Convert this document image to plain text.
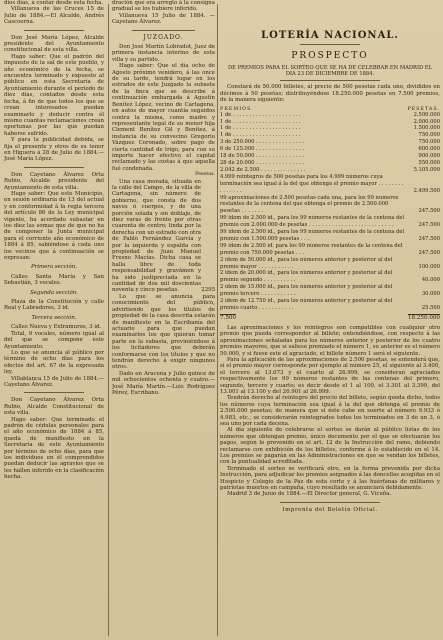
dios días, á contar desde esta fecha.

Villanueva de las Cruces 15 de Julio de 1884.—El Alcalde, Andrés Cascoerna.

Don José María López, Alcalde presidente del Ayuntamiento constitucional de esta villa.

Hago saber: Que el padrón del impuesto de la sal de este pueblo, y año económico de la fecha, se encuentra terminado y expuesto al público en esta Secretaría de Ayuntamiento durante el periodo de diez días, contados desde esta fecha, á fin de que todos los que se crean interesados puedan examinarlo y deducir contra él mismo cuantas reclamaciones crean oportunas por las que puedan haberse sufrido.

Y para la publicidad debida, se fija el presente y otros de su tenor en Higuera á 28 de Julio de 1884.—José María López.

Don Cayetano Álvarez Orta Rubio, Alcalde presidente del Ayuntamiento de esta villa.

Hago saber: Que este Municipio, en sesión ordinaria de 13 del actual y en conformidad á la regla tercera del artículo 86 de la Ley municipal vigente, ha acordado subastar en los diez las somas que de que no ha de componer la Junta municipal para el corriente año económico de 1884 á 85, sabiéndose á cada uno los vecinos que á continuación se expresan:

Primera sección.

Calles Santa María y San Sebastián, 3 vocales.

Segunda sección.

Plaza de la Constitución y calle Real y Labradores, 3 id.

Tercera sección.

Calles Nueva y Extramuros, 3 id.

Total, 9 vocales, número igual al del que se compone este Ayuntamiento.

Lo que se anuncia al público por término de ocho días para los efectos del art. 67 de la expresada ley.

Villablanca 15 de Julio de 1884.—Cayetano Álvarez.

Don Cayetano Álvarez Orta Rubio, Alcalde Constitucional de esta villa.

Hago saber: Que terminado el padrón de cédulas personales para el año económico de 1884 á 85, queda de manifiesto en la Secretaría de este Ayuntamiento por término de ocho días, para que los individuos en él comprendidos puedan deducir las agravios que se les hallen inferido en la clasificación hecha.

dración que era arreglo á la consigna gradual se los hubiere inferido.

Villanueva 15 Julio de 1884. —Cayetano Álvarez.

JUZGADO.

Don José Martín Lobradot, Juez de primera instancia interino de esta villa y su partido.

Hago saber: Que el día ocho de Agosto próximo venidero, á las once de su tarde, tendrá lugar en los estrados de este Juzgado la subasta de la finca que se describe á continuación embargada á Agustín Benítez López, vecino de Cartagena, en autos de mayor cuantía seguidos contra la misma, como madre y representante legal de su menor hija Clement Benítez Gil y Benítez, á instancia de su convecino Gregorio Vázquez Coronado, sobre pago de cierta cantidad de trigo, para con su importe hacer efectivo el capital reclamado y las costas á que aquella fué condenada.

Pesetas.

Una casa morada, situada en la calle del Campo, de la villa de Cartagena, sin número de gobierno, que consta de dos naves ó cuerpos, y de una porción solada y sin doblaje, de diez varas de frente por otras cuarenta de centro; linda por la derecha con un estrado con otra de Pablo Fernández García y por la izquierda y espalda con propiedad de Juan Manuel Fresno Macías. Dicha casa se halla libre de toda responsabilidad y gravámen y ha sido justipreciada en la cantidad de dos mil doscientas noventa y cinco pesetas.	2295

Lo que se anuncia para conocimiento del público, advirtiendo que los títulos de propiedad de la casa descrita estarán de manifiesto en la Escribanía del actuario para que puedan examinarlos los que quieran tomar parte en la subasta, previniéndose á los licitadores que deberán conformarse con los títulos y que no tendrán derecho á exigir ningunos otros.

Dado en Aracena y Julio quince de mil ochocientos ochenta y cuatro.—José María Martín.—Luis Rodríguez Pérez, Escribano.

LOTERÍA NACIONAL.

PROSPECTO

DE PREMIOS PARA EL SORTEO QUE SE HA DE CELEBRAR EN MADRID EL DIA 23 DE DICIEMBRE DE 1884.

Constará de 50.000 billetes, al precio de 500 pesetas cada uno, divididos en décimos á 50 pesetas; distribuyéndose 18.250.000 pesetas en 7.500 premios, de la manera siguiente:

PREMIOS.	PESETAS.
1 de . . . . . . . . . . . . . . . . . . . . .	2.500.000
1 de . . . . . . . . . . . . . . . . . . . . .	2.000.000
1 de . . . . . . . . . . . . . . . . . . . . .	1.500.000
1 de . . . . . . . . . . . . . . . . . . . . .	750.000
3 de 250.000 . . . . . . . . . . . . . . .	750.000
6 de 125.000 . . . . . . . . . . . . . . .	600.000
18 de 50.000 . . . . . . . . . . . . . . .	900.000
28 de 20.000 . . . . . . . . . . . . . . .	550.000
2.042 de 2.500 . . . . . . . . . . . . . .	5.105.000
4.999 reintegros de 500 pesetas para los 4.999 números cuya terminación sea igual á la del que obtenga el premio mayor . . . . . . . . . . . . . . .	2.499.500
99 aproximaciones de 2.500 pesetas cada una, para los 99 números restantes de la centena del que obtenga el premio de 2.500.000 pesetas . . . . . . .	247.500
99 idem de 2.500 id., para los 99 números restantes de la centena del premio con 2.000.000 de pesetas . . . . . . . . . . . . . . . . . . . . . . . . . .	247.500
99 idem de 2.500 id., para los 99 números restantes de la centena del premio con 1.500.000 pesetas . . .	247.500
99 idem de 2.500 id. para los 99 números restantes de la centena del premio con 750.000 pesetas . . .	247.500
2 idem de 50.000 id., para los números anterior y posterior al del premio mayor . . . . . . . . . . .	100.000
2 idem de 20.000 id., para los números anterior y posterior al del premio segundo . . . . . . . . . .	40.000
2 idem de 15.000 id., para los números anterior y posterior al del premio tercero . . . . . . . . . . .	30.000
2 idem de 12.750 id., para los números anterior y posterior al del premio cuarto . . . . . . . . . . .	25.500
7.500	18.250.000

Las aproximaciones y los reintegros son compatibles con cualquier otro premio que pueda corresponder al billete; entendiéndose, con respecto á las aproximaciones señaladas para los números anterior y posterior de los cuatro premios mayores, que si saliese premiado el número 1, su anterior es el número 50.000, y si fuese este el agraciado, el billete número 1 será el siguiente.

Para la aplicación de las aproximaciones de 2.500 pesetas, se entenderá que, si el premio mayor corresponde por ejemplo al número 25, el siguiente al 3.400, el tercero al 13.073 y el cuarto al 26.999, se consideran agraciados respectivamente los 99 números restantes de las centenas del primero, segundo, tercero y cuarto; es decir desde el 1 al 100, el 3.301 al 3.399, del 13.001 al 13.100 y del 26.901 al 26.999.

Tendrán derecho al reintegro del precio del billete, según queda dicho, todos los números cuya terminación sea igual á la del que obtenga el premio de 2.500.000 pesetas; de manera que si éste cabe en suerte al número 9.933 ó 4.983, etc., se considerarán reintegrados todos los terminados en 3 de un 3, ó sea uno por cada decena.

Al día siguiente de celebrarse el sorteo se darán al público listas de los números que obtengan premio, único documento por el que se efectuarán los pagos, según lo prevenido en el art. 12 de la Instrucción del ramo, debiendo reclamarse con exhibición de los billetes, conforme á lo establecido en el 14. Los premios se pagarán en las Administraciones en que se vendan los billetes, con la puntualidad acreditada.

Terminado el sorteo se verificará otro, en la forma prevenida por dicha Instrucción, para adjudicar los premios asignados á las doncellas acogidas en el Hospicio y Colegio de la Paz de esta corte y á las huérfanas de militares y patriotas muertos en campaña, cuyo resultado se anunciará debidamente.

Madrid 3 de Junio de 1884.—El Director general, G. Vicuña.

Imprenta del Boletín Oficial.
